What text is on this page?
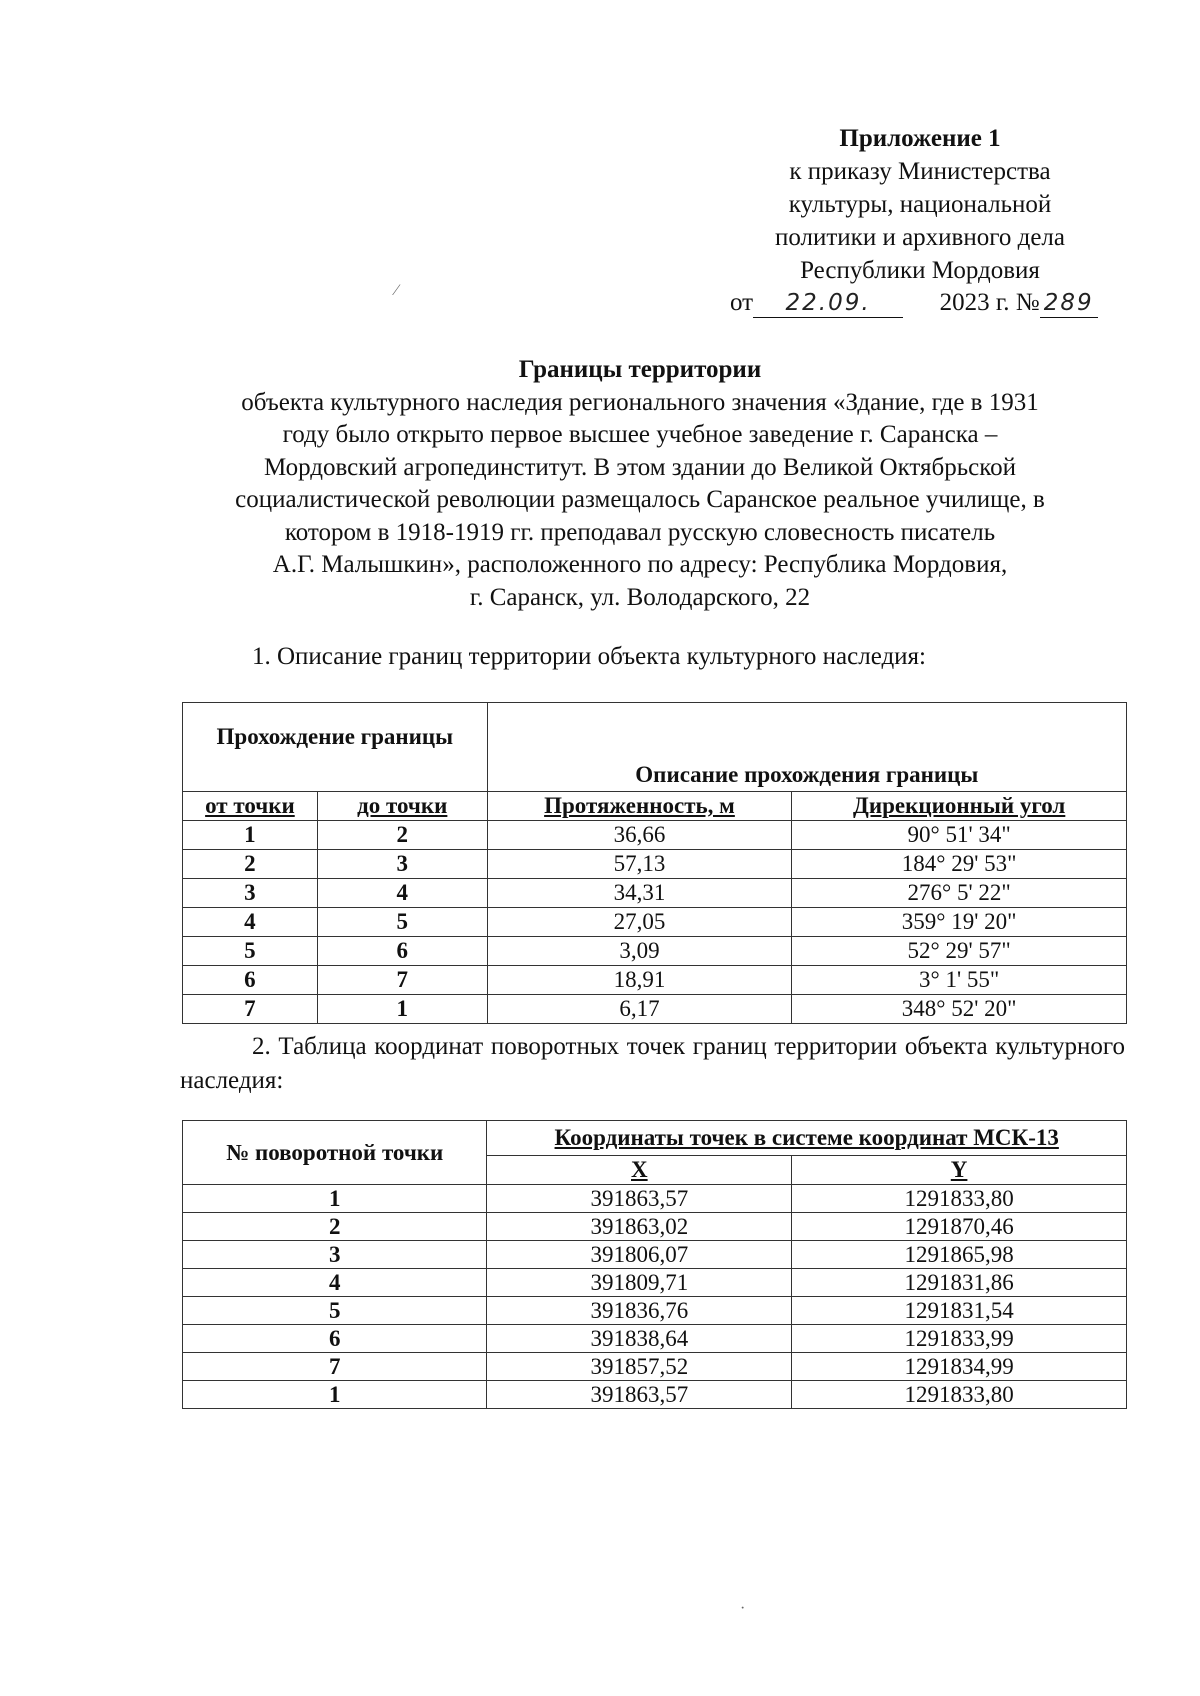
Приложение 1
к приказу Министерства
культуры, национальной
политики и архивного дела
Республики Мордовия
от 22.09.	2023 г. № 289
Границы территории
объекта культурного наследия регионального значения «Здание, где в 1931
году было открыто первое высшее учебное заведение г. Саранска –
Мордовский агропединститут. В этом здании до Великой Октябрьской
социалистической революции размещалось Саранское реальное училище, в
котором в 1918-1919 гг. преподавал русскую словесность писатель
А.Г. Малышкин», расположенного по адресу: Республика Мордовия,
г. Саранск, ул. Володарского, 22
1. Описание границ территории объекта культурного наследия:
Прохождение границы		Описание прохождения границы	
от точки	до точки	Протяженность, м	Дирекционный угол
1	2	36,66	90° 51' 34"
2	3	57,13	184° 29' 53"
3	4	34,31	276° 5' 22"
4	5	27,05	359° 19' 20"
5	6	3,09	52° 29' 57"
6	7	18,91	3° 1' 55"
7	1	6,17	348° 52' 20"
2. Таблица координат поворотных точек границ территории объекта культурного наследия:
№ поворотной точки	Координаты точек в системе координат МСК-13	
	X	Y
1	391863,57	1291833,80
2	391863,02	1291870,46
3	391806,07	1291865,98
4	391809,71	1291831,86
5	391836,76	1291831,54
6	391838,64	1291833,99
7	391857,52	1291834,99
1	391863,57	1291833,80
⁄
·
